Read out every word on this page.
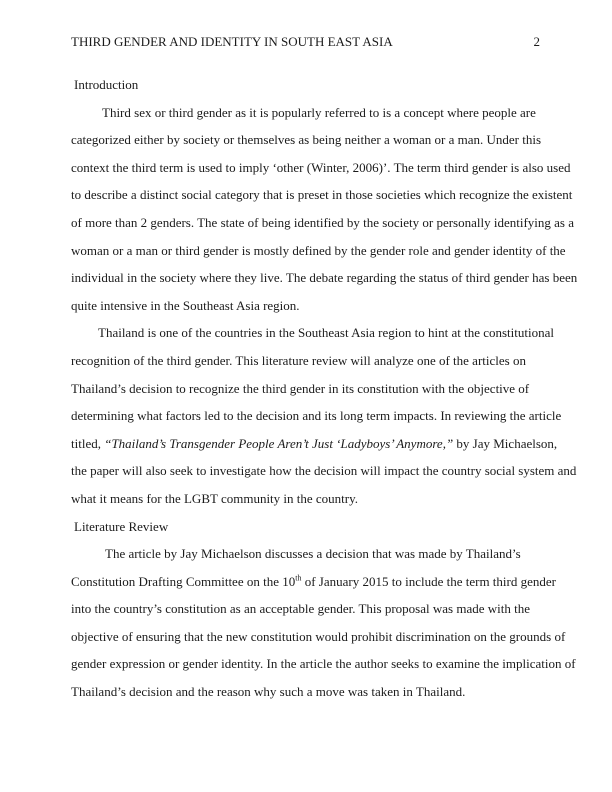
THIRD GENDER AND IDENTITY IN SOUTH EAST ASIA	2
Introduction
Third sex or third gender as it is popularly referred to is a concept where people are
categorized either by society or themselves as being neither a woman or a man. Under this
context the third term is used to imply ‘other (Winter, 2006)’. The term third gender is also used
to describe a distinct social category that is preset in those societies which recognize the existent
of more than 2 genders. The state of being identified by the society or personally identifying as a
woman or a man or third gender is mostly defined by the gender role and gender identity of the
individual in the society where they live. The debate regarding the status of third gender has been
quite intensive in the Southeast Asia region.
Thailand is one of the countries in the Southeast Asia region to hint at the constitutional
recognition of the third gender. This literature review will analyze one of the articles on
Thailand’s decision to recognize the third gender in its constitution with the objective of
determining what factors led to the decision and its long term impacts. In reviewing the article
titled, “Thailand’s Transgender People Aren’t Just ‘Ladyboys’ Anymore,” by Jay Michaelson,
the paper will also seek to investigate how the decision will impact the country social system and
what it means for the LGBT community in the country.
Literature Review
The article by Jay Michaelson discusses a decision that was made by Thailand’s
Constitution Drafting Committee on the 10th of January 2015 to include the term third gender
into the country’s constitution as an acceptable gender. This proposal was made with the
objective of ensuring that the new constitution would prohibit discrimination on the grounds of
gender expression or gender identity. In the article the author seeks to examine the implication of
Thailand’s decision and the reason why such a move was taken in Thailand.
